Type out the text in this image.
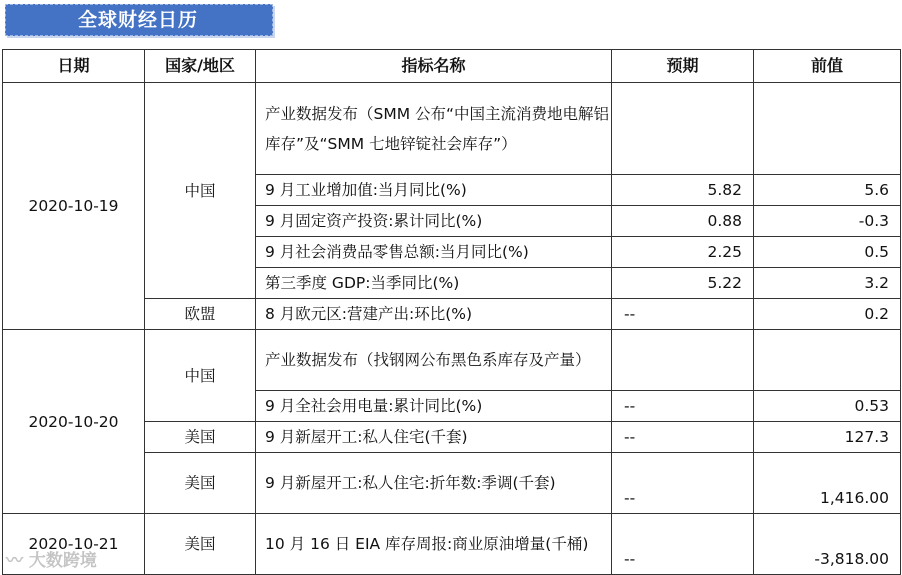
全球财经日历
日期	国家/地区	指标名称	预期	前值
2020-10-19	中国	产业数据发布（SMM 公布“中国主流消费地电解铝库存”及“SMM 七地锌锭社会库存”）		
		9 月工业增加值:当月同比(%)	5.82	5.6
		9 月固定资产投资:累计同比(%)	0.88	-0.3
		9 月社会消费品零售总额:当月同比(%)	2.25	0.5
		第三季度 GDP:当季同比(%)	5.22	3.2
	欧盟	8 月欧元区:营建产出:环比(%)	--	0.2
2020-10-20	中国	产业数据发布（找钢网公布黑色系库存及产量）		
		9 月全社会用电量:累计同比(%)	--	0.53
	美国	9 月新屋开工:私人住宅(千套)	--	127.3
	美国	9 月新屋开工:私人住宅:折年数:季调(千套)	--	1,416.00
2020-10-21	美国	10 月 16 日 EIA 库存周报:商业原油增量(千桶)	--	-3,818.00
〰 大数跨境
